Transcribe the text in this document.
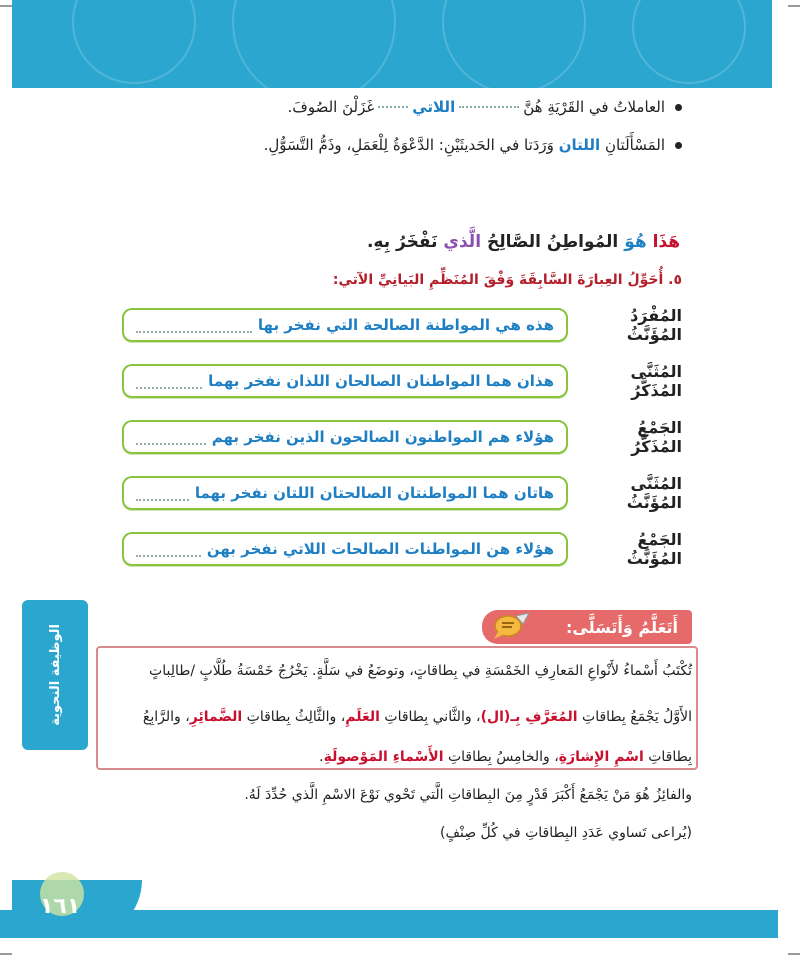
العاملاتُ في القَرْيَةِ هُنَّ
اللاتي
غَزَلْنَ الصُوفَ.
المَسْأَلَتانِ

اللتان

وَرَدَتا في الحَديثَيْنِ: الدَّعْوَةُ لِلْعَمَلِ، وذَمُّ التَّسَوُّلِ.
هَذَا هُوَ المُواطِنُ الصَّالِحُ الَّذي نَفْخَرُ بِهِ.
٥. أُحَوِّلُ العِبارَةَ السَّابِقَةَ وَفْقَ المُنَظِّمِ البَيانِيِّ الآتي:
المُفْرَدُ المُؤَنَّثُ
هذه هي المواطنة الصالحة التي نفخر بها
المُثَنَّى المُذَكَّرُ
هذان هما المواطنان الصالحان اللذان نفخر بهما
الجَمْعُ المُذَكَّرُ
هؤلاء هم المواطنون الصالحون الذين نفخر بهم
المُثَنَّى المُؤَنَّثُ
هاتان هما المواطنتان الصالحتان اللتان نفخر بهما
الجَمْعُ المُؤَنَّثُ
هؤلاء هن المواطنات الصالحات اللاتي نفخر بهن
الوظيفة النحوية	أَتَعَلَّمُ وَأَتَسَلَّى:
تُكْتَبُ أَسْماءُ لأَنْواعِ المَعارِفِ الخَمْسَةِ في بِطاقاتٍ، وتوضَعُ في سَلَّةٍ. يَخْرُجُ خَمْسَةُ طُلَّابٍ /طالِباتٍ
الأَوَّلُ يَجْمَعُ بِطاقاتِ المُعَرَّفِ بِـ(ال)، والثَّاني بِطاقاتِ العَلَمِ، والثَّالِثُ بِطاقاتِ الضَّمائِرِ، والرَّابِعُ
بِطاقاتِ اسْمِ الإِشارَةِ، والخامِسُ بِطاقاتِ الأَسْماءِ المَوْصولَةِ.
والفائِزُ هُوَ مَنْ يَجْمَعُ أَكْبَرَ قَدْرٍ مِنَ البِطاقاتِ الَّتي تَحْوي نَوْعَ الاسْمِ الَّذي حُدِّدَ لَهُ.
(يُراعى تَساوي عَدَدِ البِطاقاتِ في كُلِّ صِنْفٍ)
١٦١
